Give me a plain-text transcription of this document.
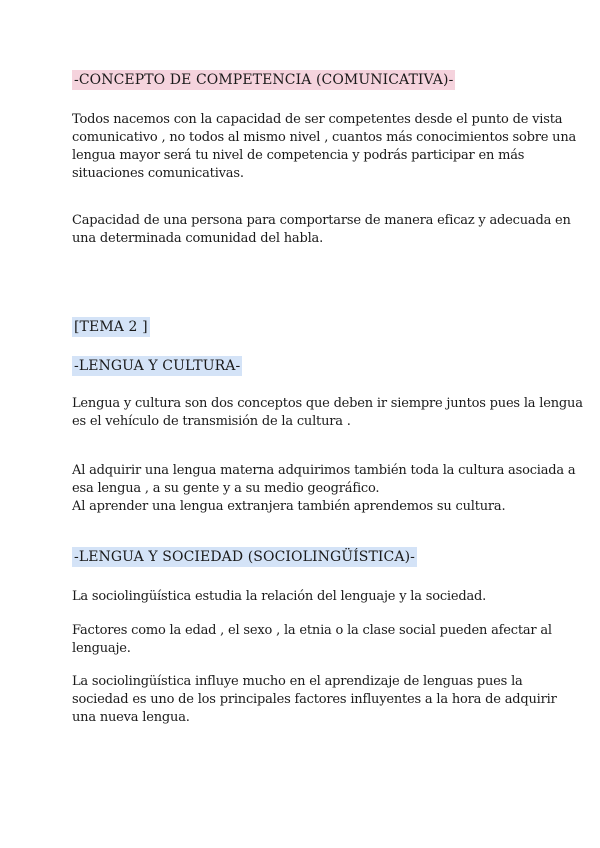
-CONCEPTO DE COMPETENCIA (COMUNICATIVA)-
Todos nacemos con la capacidad de ser competentes desde el punto de vista
comunicativo , no todos al mismo nivel , cuantos más conocimientos sobre una
lengua mayor será tu nivel de competencia y podrás participar en más
situaciones comunicativas.
Capacidad de una persona para comportarse de manera eficaz y adecuada en
una determinada comunidad del habla.
[TEMA 2 ]
-LENGUA Y CULTURA-
Lengua y cultura son dos conceptos que deben ir siempre juntos pues la lengua
es el vehículo de transmisión de la cultura .
Al adquirir una lengua materna adquirimos también toda la cultura asociada a
esa lengua , a su gente y a su medio geográfico.
Al aprender una lengua extranjera también aprendemos su cultura.
-LENGUA Y SOCIEDAD (SOCIOLINGÜÍSTICA)-
La sociolingüística estudia la relación del lenguaje y la sociedad.
Factores como la edad , el sexo , la etnia o la clase social pueden afectar al
lenguaje.
La sociolingüística influye mucho en el aprendizaje de lenguas pues la
sociedad es uno de los principales factores influyentes a la hora de adquirir
una nueva lengua.
